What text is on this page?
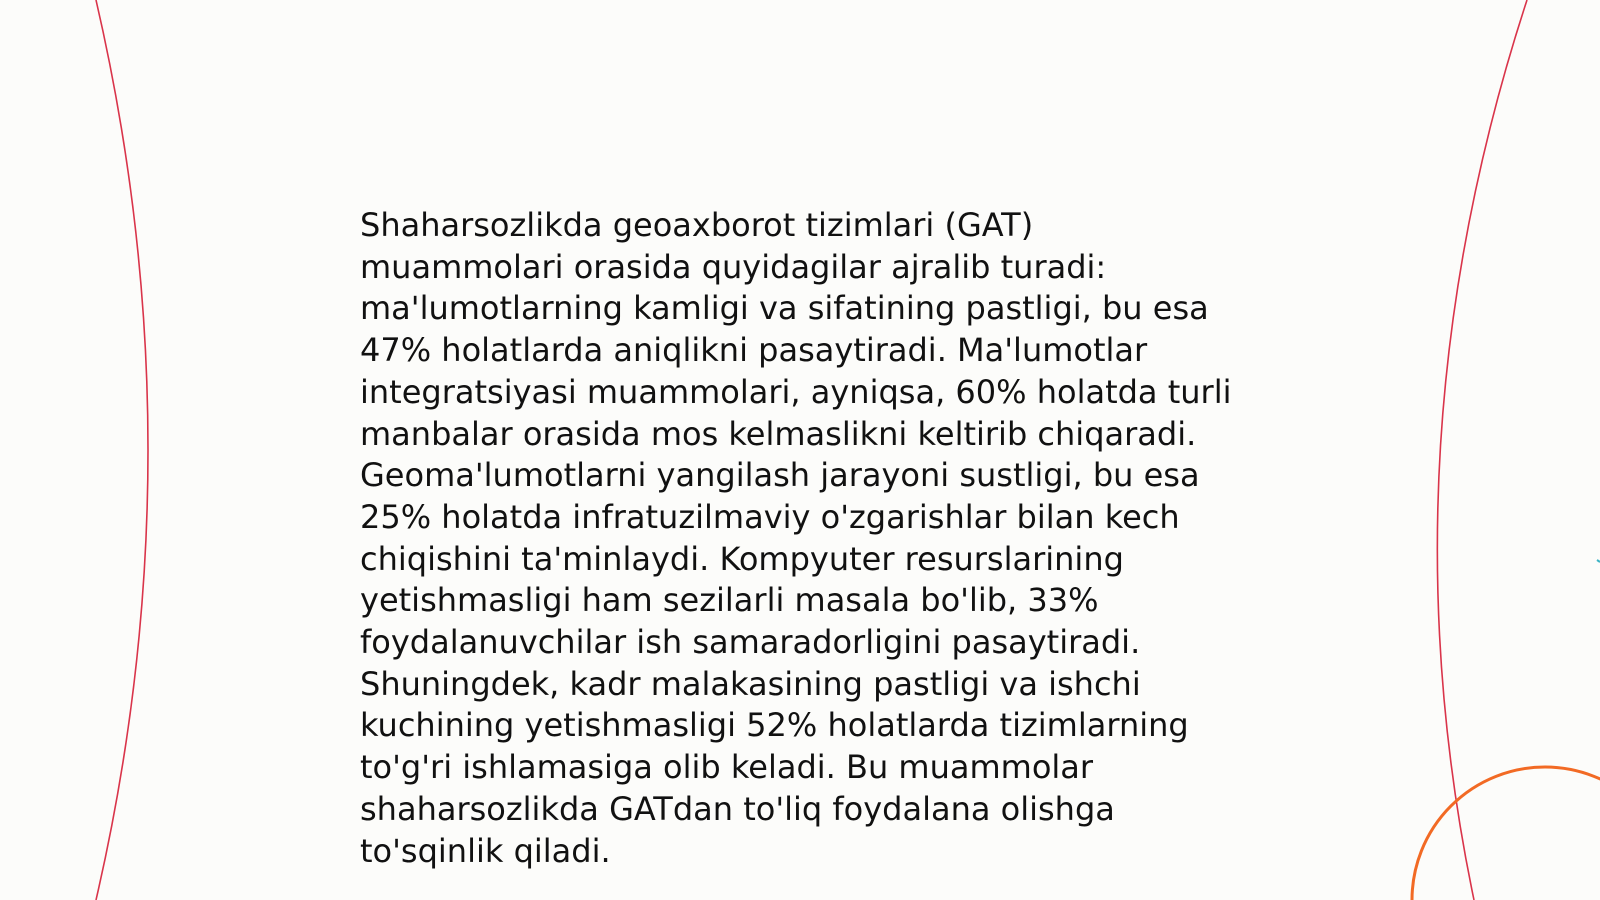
Shaharsozlikda geoaxborot tizimlari (GAT)
muammolari orasida quyidagilar ajralib turadi:
ma'lumotlarning kamligi va sifatining pastligi, bu esa
47% holatlarda aniqlikni pasaytiradi. Ma'lumotlar
integratsiyasi muammolari, ayniqsa, 60% holatda turli
manbalar orasida mos kelmaslikni keltirib chiqaradi.
Geoma'lumotlarni yangilash jarayoni sustligi, bu esa
25% holatda infratuzilmaviy o'zgarishlar bilan kech
chiqishini ta'minlaydi. Kompyuter resurslarining
yetishmasligi ham sezilarli masala bo'lib, 33%
foydalanuvchilar ish samaradorligini pasaytiradi.
Shuningdek, kadr malakasining pastligi va ishchi
kuchining yetishmasligi 52% holatlarda tizimlarning
to'g'ri ishlamasiga olib keladi. Bu muammolar
shaharsozlikda GATdan to'liq foydalana olishga
to'sqinlik qiladi.
